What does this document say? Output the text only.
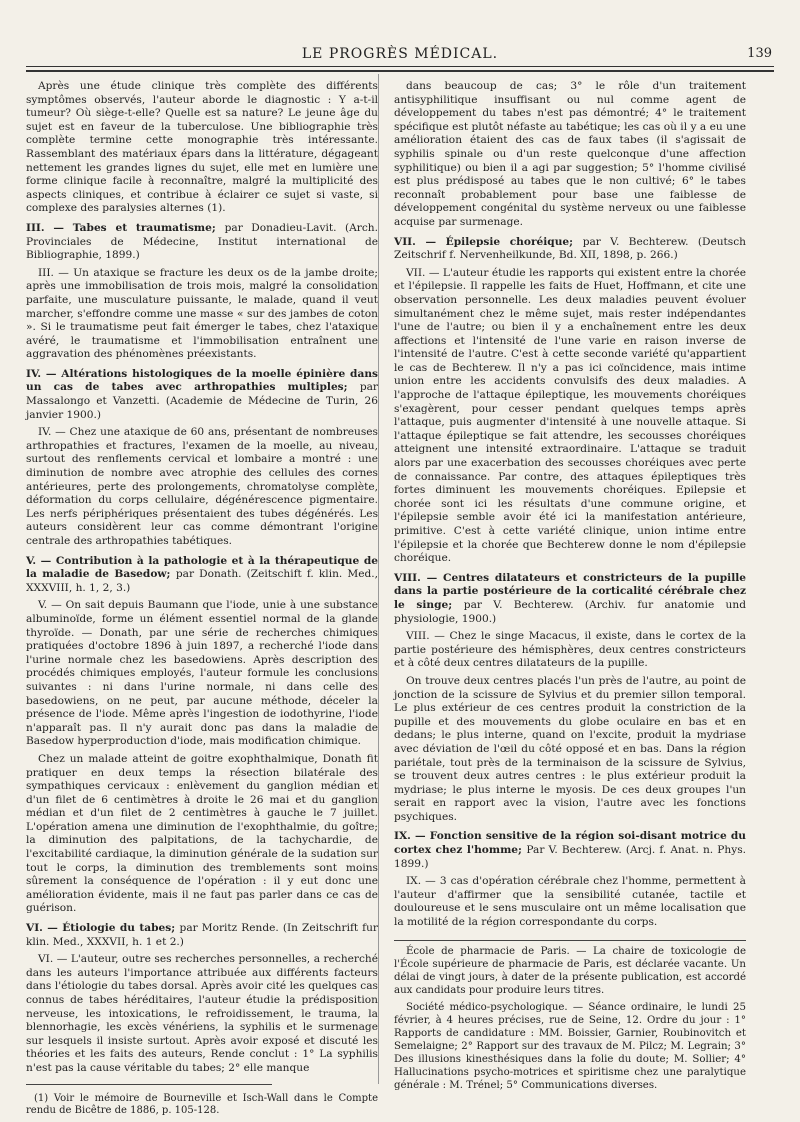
LE PROGRÈS MÉDICAL.	139

Après une étude clinique très complète des différents symptômes observés, l'auteur aborde le diagnostic : Y a-t-il tumeur? Où siège-t-elle? Quelle est sa nature? Le jeune âge du sujet est en faveur de la tuberculose. Une bibliographie très complète termine cette monographie très intéressante. Rassemblant des matériaux épars dans la littérature, dégageant nettement les grandes lignes du sujet, elle met en lumière une forme clinique facile à reconnaître, malgré la multiplicité des aspects cliniques, et contribue à éclairer ce sujet si vaste, si complexe des paralysies alternes (1).

III. — Tabes et traumatisme; par Donadieu-Lavit. (Arch. Provinciales de Médecine, Institut international de Bibliographie, 1899.)

III. — Un ataxique se fracture les deux os de la jambe droite; après une immobilisation de trois mois, malgré la consolidation parfaite, une musculature puissante, le malade, quand il veut marcher, s'effondre comme une masse « sur des jambes de coton ». Si le traumatisme peut fait émerger le tabes, chez l'ataxique avéré, le traumatisme et l'immobilisation entraînent une aggravation des phénomènes préexistants.

IV. — Altérations histologiques de la moelle épinière dans un cas de tabes avec arthropathies multiples; par Massalongo et Vanzetti. (Academie de Médecine de Turin, 26 janvier 1900.)

IV. — Chez une ataxique de 60 ans, présentant de nombreuses arthropathies et fractures, l'examen de la moelle, au niveau, surtout des renflements cervical et lombaire a montré : une diminution de nombre avec atrophie des cellules des cornes antérieures, perte des prolongements, chromatolyse complète, déformation du corps cellulaire, dégénérescence pigmentaire. Les nerfs périphériques présentaient des tubes dégénérés. Les auteurs considèrent leur cas comme démontrant l'origine centrale des arthropathies tabétiques.

V. — Contribution à la pathologie et à la thérapeutique de la maladie de Basedow; par Donath. (Zeitschift f. klin. Med., XXXVIII, h. 1, 2, 3.)

V. — On sait depuis Baumann que l'iode, unie à une substance albuminoïde, forme un élément essentiel normal de la glande thyroïde. — Donath, par une série de recherches chimiques pratiquées d'octobre 1896 à juin 1897, a recherché l'iode dans l'urine normale chez les basedowiens. Après description des procédés chimiques employés, l'auteur formule les conclusions suivantes : ni dans l'urine normale, ni dans celle des basedowiens, on ne peut, par aucune méthode, déceler la présence de l'iode. Même après l'ingestion de iodothyrine, l'iode n'apparaît pas. Il n'y aurait donc pas dans la maladie de Basedow hyperproduction d'iode, mais modification chimique.

Chez un malade atteint de goitre exophthalmique, Donath fit pratiquer en deux temps la résection bilatérale des sympathiques cervicaux : enlèvement du ganglion médian et d'un filet de 6 centimètres à droite le 26 mai et du ganglion médian et d'un filet de 2 centimètres à gauche le 7 juillet. L'opération amena une diminution de l'exophthalmie, du goître; la diminution des palpitations, de la tachychardie, de l'excitabilité cardiaque, la diminution générale de la sudation sur tout le corps, la diminution des tremblements sont moins sûrement la conséquence de l'opération : il y eut donc une amélioration évidente, mais il ne faut pas parler dans ce cas de guérison.

VI. — Étiologie du tabes; par Moritz Rende. (In Zeitschrift fur klin. Med., XXXVII, h. 1 et 2.)

VI. — L'auteur, outre ses recherches personnelles, a recherché dans les auteurs l'importance attribuée aux différents facteurs dans l'étiologie du tabes dorsal. Après avoir cité les quelques cas connus de tabes héréditaires, l'auteur étudie la prédisposition nerveuse, les intoxications, le refroidissement, le trauma, la blennorhagie, les excès vénériens, la syphilis et le surmenage sur lesquels il insiste surtout. Après avoir exposé et discuté les théories et les faits des auteurs, Rende conclut : 1° La syphilis n'est pas la cause véritable du tabes; 2° elle manque

(1) Voir le mémoire de Bourneville et Isch-Wall dans le Compte rendu de Bicêtre de 1886, p. 105-128.

dans beaucoup de cas; 3° le rôle d'un traitement antisyphilitique insuffisant ou nul comme agent de développement du tabes n'est pas démontré; 4° le traitement spécifique est plutôt néfaste au tabétique; les cas où il y a eu une amélioration étaient des cas de faux tabes (il s'agissait de syphilis spinale ou d'un reste quelconque d'une affection syphilitique) ou bien il a agi par suggestion; 5° l'homme civilisé est plus prédisposé au tabes que le non cultivé; 6° le tabes reconnaît probablement pour base une faiblesse de développement congénital du système nerveux ou une faiblesse acquise par surmenage.

VII. — Épilepsie choréique; par V. Bechterew. (Deutsch Zeitschrif f. Nervenheilkunde, Bd. XII, 1898, p. 266.)

VII. — L'auteur étudie les rapports qui existent entre la chorée et l'épilepsie. Il rappelle les faits de Huet, Hoffmann, et cite une observation personnelle. Les deux maladies peuvent évoluer simultanément chez le même sujet, mais rester indépendantes l'une de l'autre; ou bien il y a enchaînement entre les deux affections et l'intensité de l'une varie en raison inverse de l'intensité de l'autre. C'est à cette seconde variété qu'appartient le cas de Bechterew. Il n'y a pas ici coïncidence, mais intime union entre les accidents convulsifs des deux maladies. A l'approche de l'attaque épileptique, les mouvements choréiques s'exagèrent, pour cesser pendant quelques temps après l'attaque, puis augmenter d'intensité à une nouvelle attaque. Si l'attaque épileptique se fait attendre, les secousses choréiques atteignent une intensité extraordinaire. L'attaque se traduit alors par une exacerbation des secousses choréiques avec perte de connaissance. Par contre, des attaques épileptiques très fortes diminuent les mouvements choréiques. Epilepsie et chorée sont ici les résultats d'une commune origine, et l'épilepsie semble avoir été ici la manifestation antérieure, primitive. C'est à cette variété clinique, union intime entre l'épilepsie et la chorée que Bechterew donne le nom d'épilepsie choréique.

VIII. — Centres dilatateurs et constricteurs de la pupille dans la partie postérieure de la corticalité cérébrale chez le singe; par V. Bechterew. (Archiv. fur anatomie und physiologie, 1900.)

VIII. — Chez le singe Macacus, il existe, dans le cortex de la partie postérieure des hémisphères, deux centres constricteurs et à côté deux centres dilatateurs de la pupille.

On trouve deux centres placés l'un près de l'autre, au point de jonction de la scissure de Sylvius et du premier sillon temporal. Le plus extérieur de ces centres produit la constriction de la pupille et des mouvements du globe oculaire en bas et en dedans; le plus interne, quand on l'excite, produit la mydriase avec déviation de l'œil du côté opposé et en bas. Dans la région pariétale, tout près de la terminaison de la scissure de Sylvius, se trouvent deux autres centres : le plus extérieur produit la mydriase; le plus interne le myosis. De ces deux groupes l'un serait en rapport avec la vision, l'autre avec les fonctions psychiques.

IX. — Fonction sensitive de la région soi-disant motrice du cortex chez l'homme; Par V. Bechterew. (Arcj. f. Anat. n. Phys. 1899.)

IX. — 3 cas d'opération cérébrale chez l'homme, permettent à l'auteur d'affirmer que la sensibilité cutanée, tactile et douloureuse et le sens musculaire ont un même localisation que la motilité de la région correspondante du corps.

École de pharmacie de Paris. — La chaire de toxicologie de l'École supérieure de pharmacie de Paris, est déclarée vacante. Un délai de vingt jours, à dater de la présente publication, est accordé aux candidats pour produire leurs titres.

Société médico-psychologique. — Séance ordinaire, le lundi 25 février, à 4 heures précises, rue de Seine, 12. Ordre du jour : 1° Rapports de candidature : MM. Boissier, Garnier, Roubinovitch et Semelaigne; 2° Rapport sur des travaux de M. Pilcz; M. Legrain; 3° Des illusions kinesthésiques dans la folie du doute; M. Sollier; 4° Hallucinations psycho-motrices et spiritisme chez une paralytique générale : M. Trénel; 5° Communications diverses.
